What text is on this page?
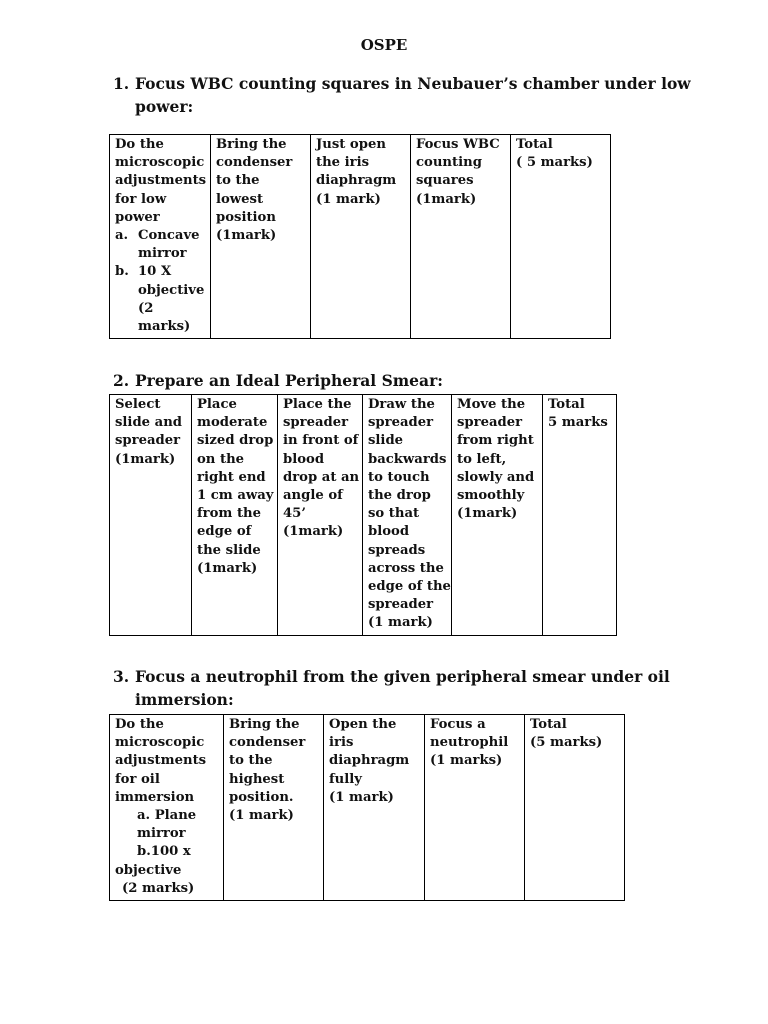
OSPE
1. Focus WBC counting squares in Neubauer’s chamber under low
power:
Do the
microscopic
adjustments
for low
power
a. Concave
mirror
b. 10 X
objective
(2
marks)

Bring the
condenser
to the
lowest
position
(1mark)

Just open
the iris
diaphragm
(1 mark)

Focus WBC
counting
squares
(1mark)

Total
( 5 marks)
2. Prepare an Ideal Peripheral Smear:
Select
slide and
spreader
(1mark)

Place
moderate
sized drop
on the
right end
1 cm away
from the
edge of
the slide
(1mark)

Place the
spreader
in front of
blood
drop at an
angle of
45’
(1mark)

Draw the
spreader
slide
backwards
to touch
the drop
so that
blood
spreads
across the
edge of the
spreader
(1 mark)

Move the
spreader
from right
to left,
slowly and
smoothly
(1mark)

Total
5 marks
3. Focus a neutrophil from the given peripheral smear under oil
immersion:
Do the
microscopic
adjustments
for oil
immersion
a. Plane
mirror
b.100 x
objective
(2 marks)

Bring the
condenser
to the
highest
position.
(1 mark)

Open the
iris
diaphragm
fully
(1 mark)

Focus a
neutrophil
(1 marks)

Total
(5 marks)
